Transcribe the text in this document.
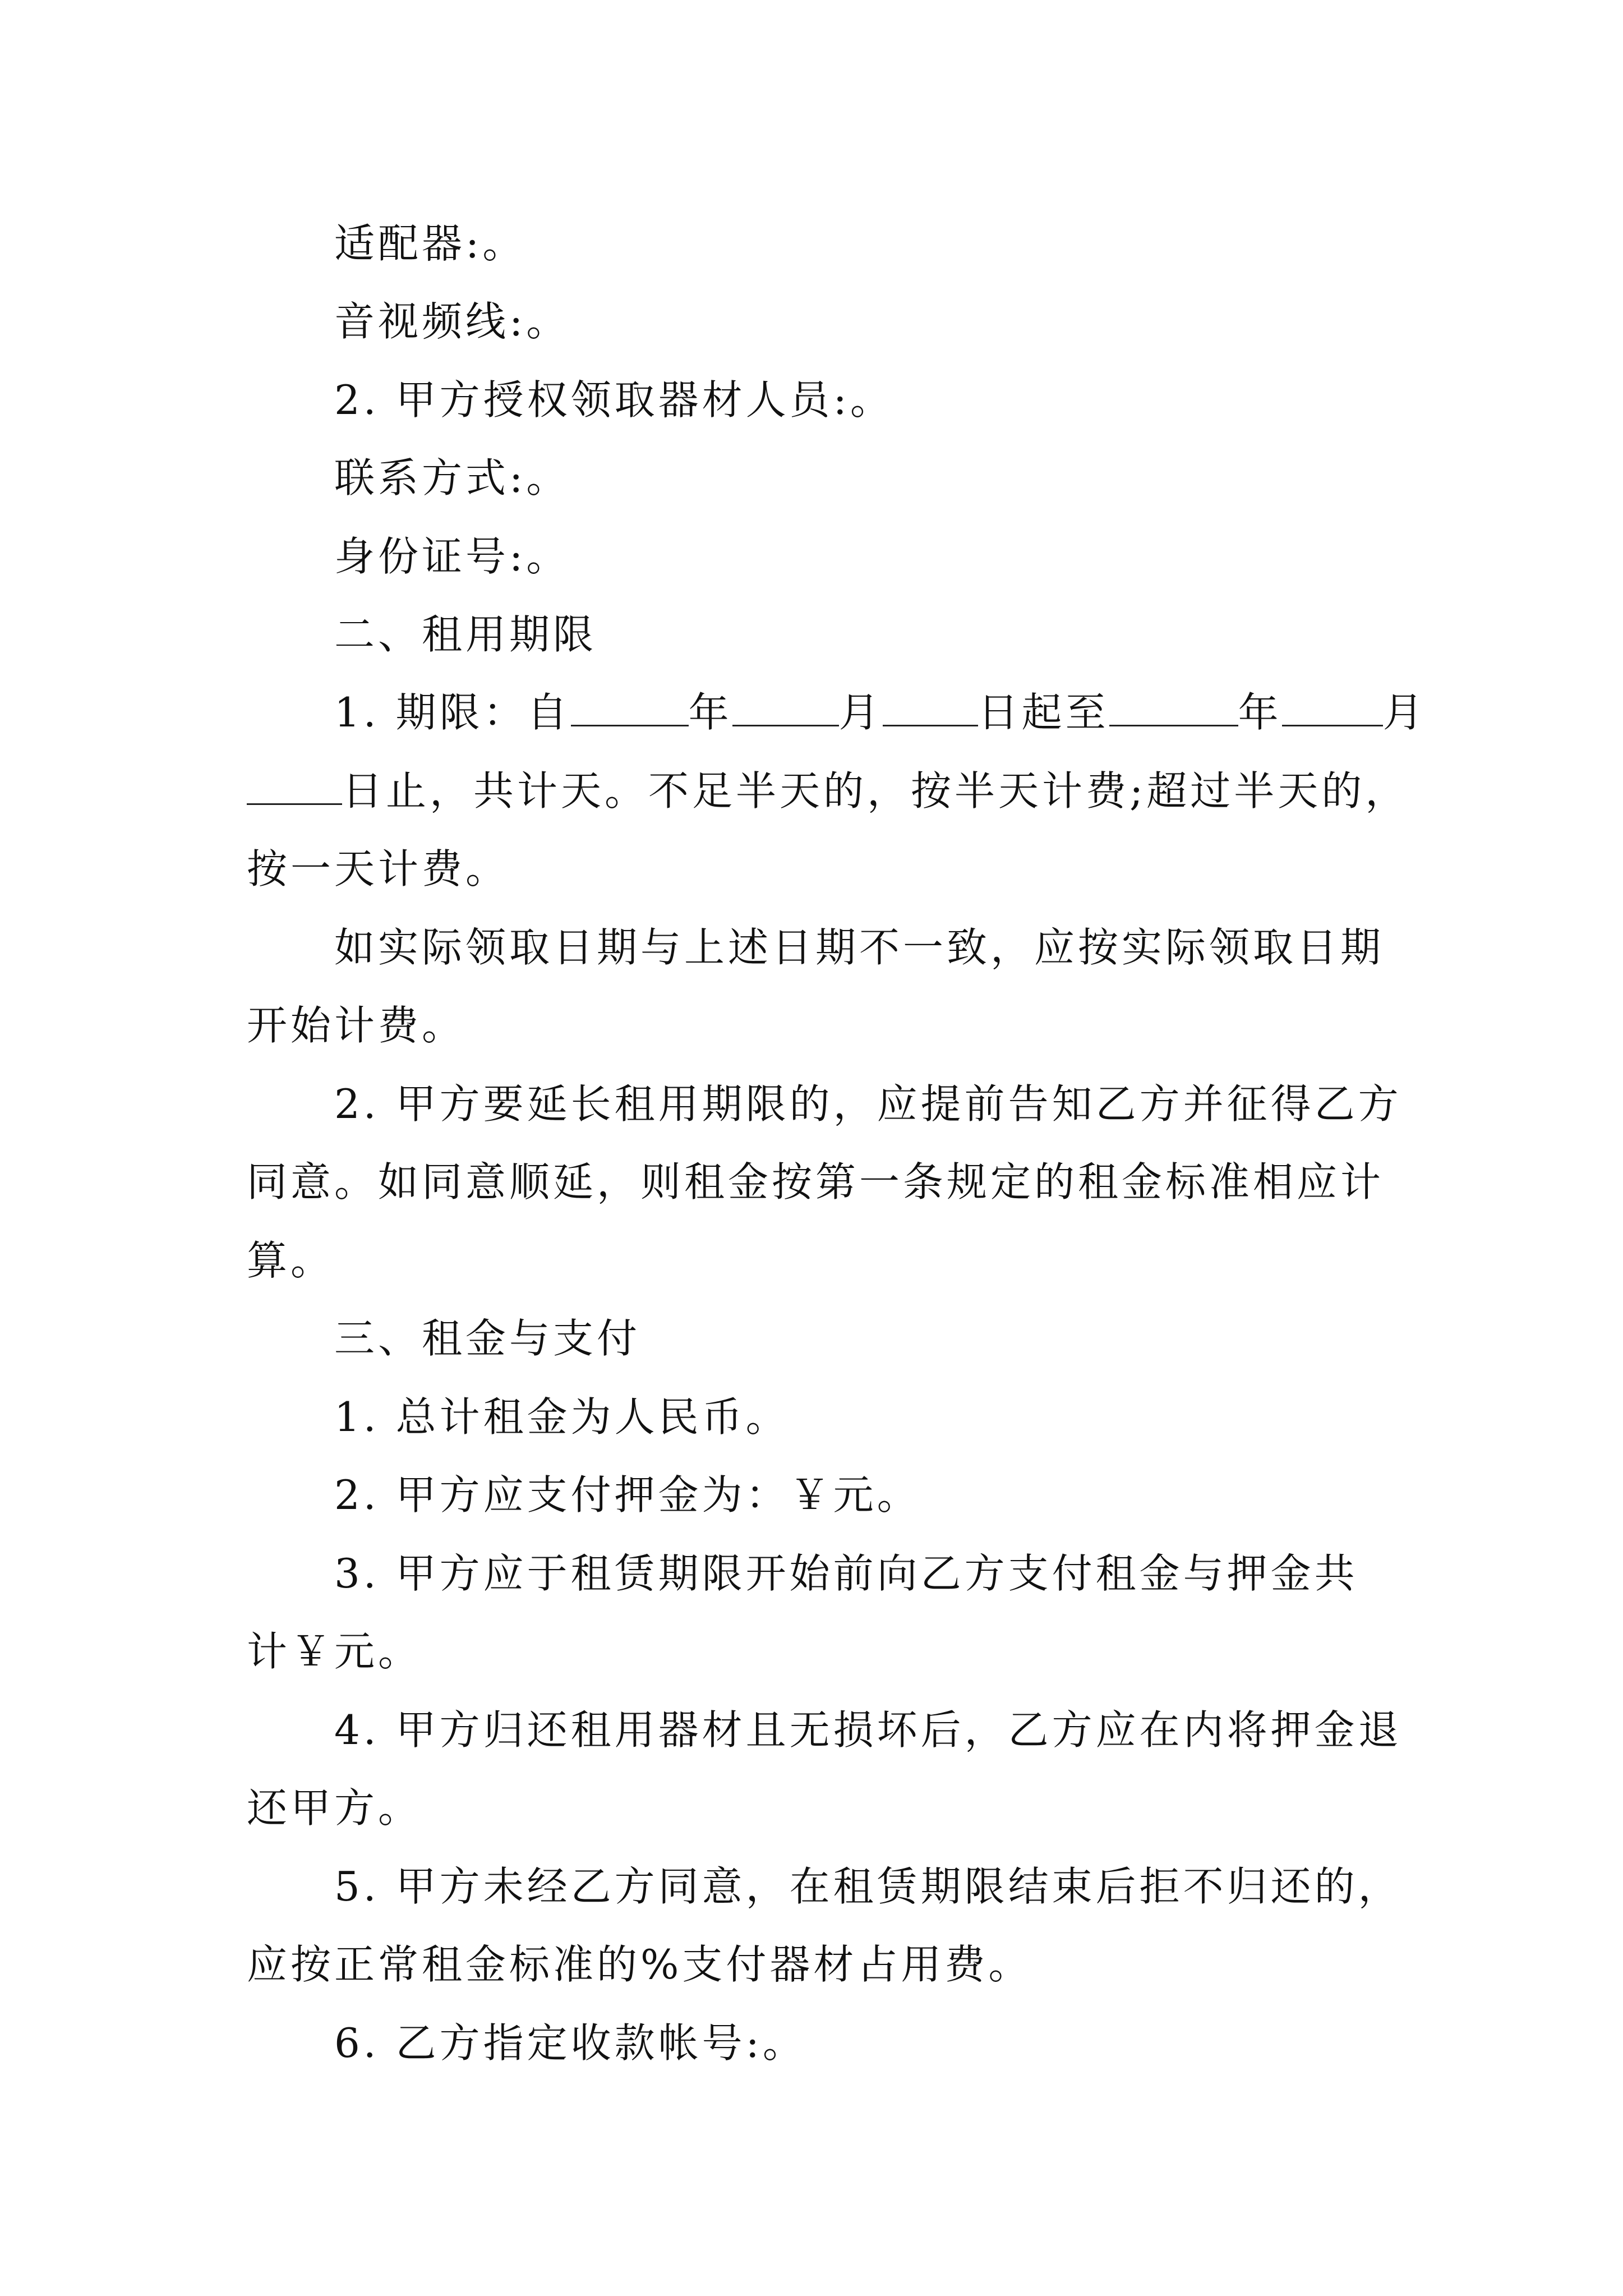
适配器:。
音视频线:。
2. 甲方授权领取器材人员:。
联系方式:。
身份证号:。
二、租用期限
1. 期限：自	年	月 日起至	年	月
日止，共计天。不足半天的，按半天计费;超过半天的，
按一天计费。
如实际领取日期与上述日期不一致，应按实际领取日期
开始计费。
2. 甲方要延长租用期限的，应提前告知乙方并征得乙方
同意。如同意顺延，则租金按第一条规定的租金标准相应计
算。
三、租金与支付
1. 总计租金为人民币。
2. 甲方应支付押金为：￥元。
3. 甲方应于租赁期限开始前向乙方支付租金与押金共
计￥元。
4. 甲方归还租用器材且无损坏后，乙方应在内将押金退
还甲方。
5. 甲方未经乙方同意，在租赁期限结束后拒不归还的，
应按正常租金标准的%支付器材占用费。
6. 乙方指定收款帐号:。
